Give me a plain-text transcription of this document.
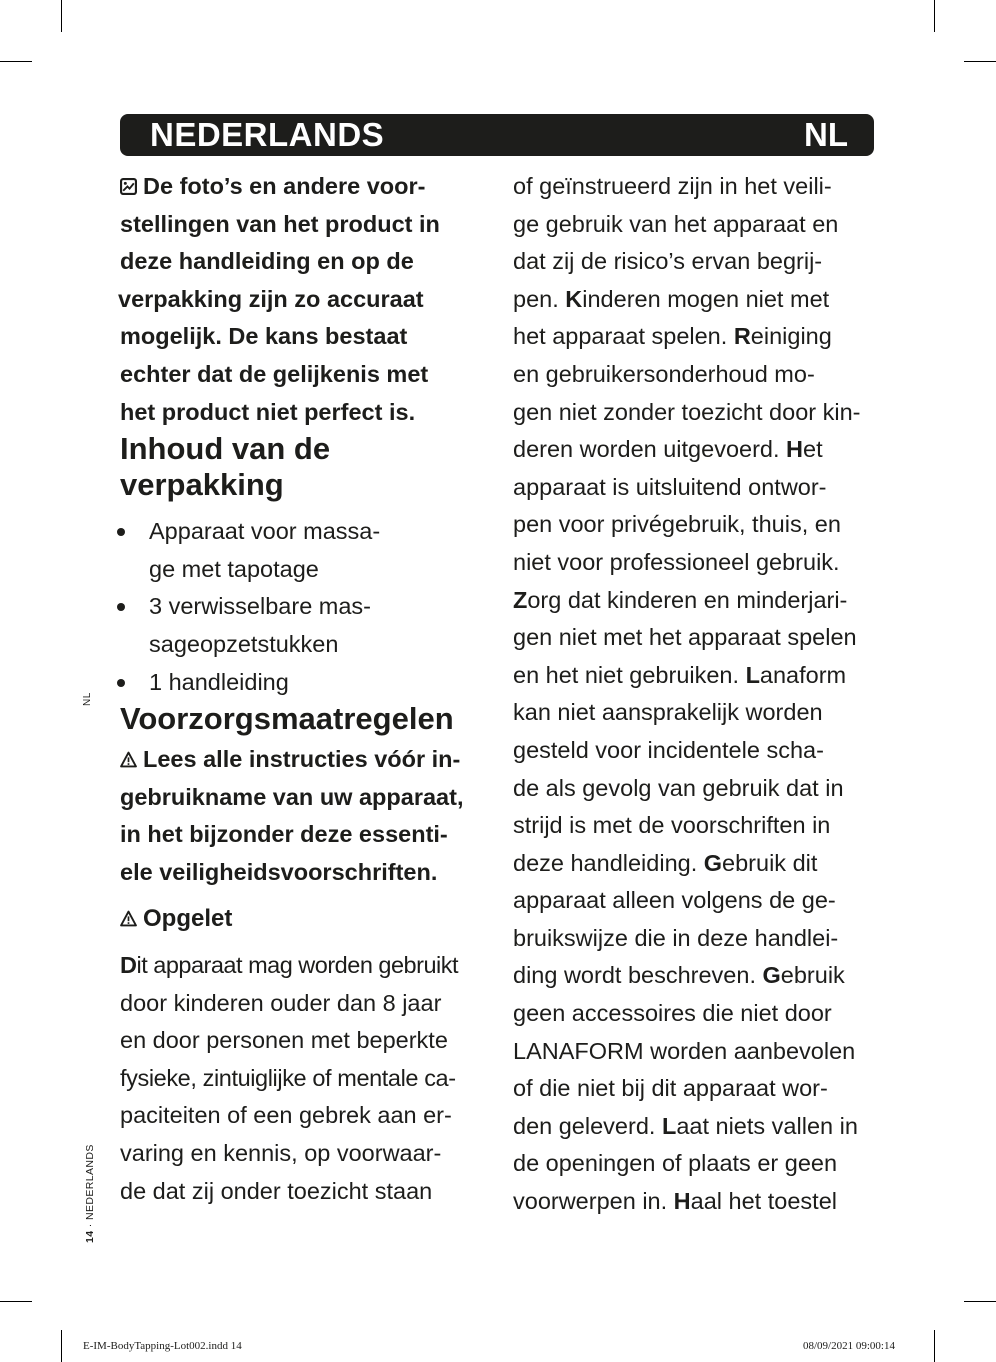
NEDERLANDS	NL
De foto’s en andere voor-
stellingen van het product in
deze handleiding en op de
verpakking zijn zo accuraat
mogelijk. De kans bestaat
echter dat de gelijkenis met
het product niet perfect is.
Inhoud van de
verpakking
Apparaat voor massa-
ge met tapotage
3 verwisselbare mas-
sageopzetstukken
1 handleiding
Voorzorgsmaatregelen
Lees alle instructies vóór in-
gebruikname van uw apparaat,
in het bijzonder deze essenti-
ele veiligheidsvoorschriften.
Opgelet
Dit apparaat mag worden gebruikt
door kinderen ouder dan 8 jaar
en door personen met beperkte
fysieke, zintuiglijke of mentale ca-
paciteiten of een gebrek aan er-
varing en kennis, op voorwaar-
de dat zij onder toezicht staan
of geïnstrueerd zijn in het veili-
ge gebruik van het apparaat en
dat zij de risico’s ervan begrij-
pen. Kinderen mogen niet met
het apparaat spelen. Reiniging
en gebruikersonderhoud mo-
gen niet zonder toezicht door kin-
deren worden uitgevoerd. Het
apparaat is uitsluitend ontwor-
pen voor privégebruik, thuis, en
niet voor professioneel gebruik.
Zorg dat kinderen en minderjari-
gen niet met het apparaat spelen
en het niet gebruiken. Lanaform
kan niet aansprakelijk worden
gesteld voor incidentele scha-
de als gevolg van gebruik dat in
strijd is met de voorschriften in
deze handleiding. Gebruik dit
apparaat alleen volgens de ge-
bruikswijze die in deze handlei-
ding wordt beschreven. Gebruik
geen accessoires die niet door
LANAFORM worden aanbevolen
of die niet bij dit apparaat wor-
den geleverd. Laat niets vallen in
de openingen of plaats er geen
voorwerpen in. Haal het toestel
NL
14 · NEDERLANDS
E-IM-BodyTapping-Lot002.indd 14	08/09/2021 09:00:14
